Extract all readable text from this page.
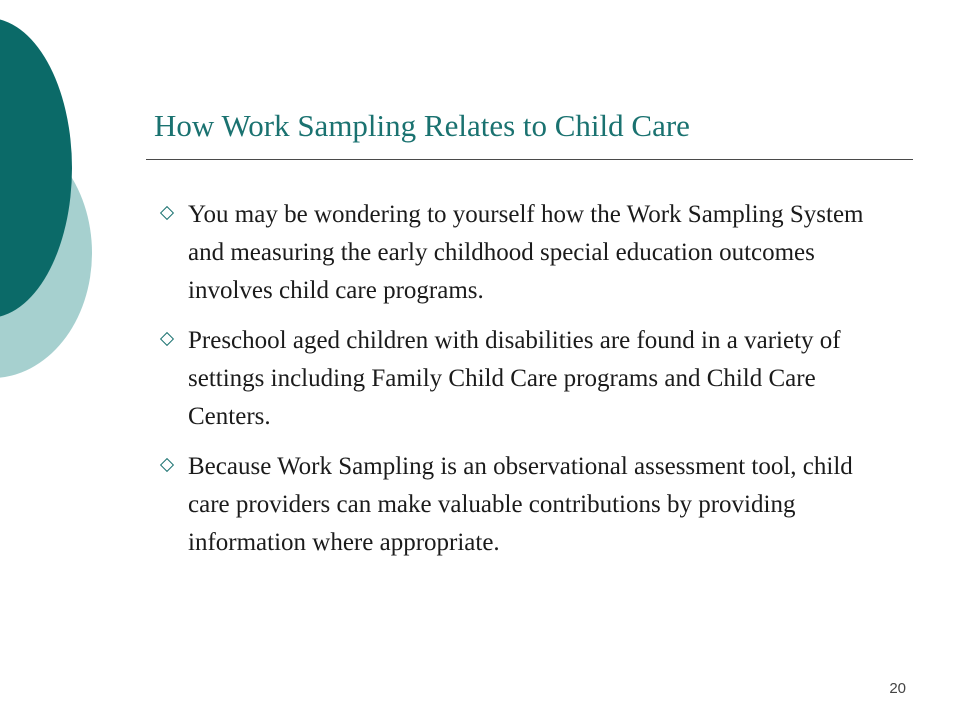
How Work Sampling Relates to Child Care
You may be wondering to yourself how the Work Sampling System and measuring the early childhood special education outcomes involves child care programs.
Preschool aged children with disabilities are found in a variety of settings including Family Child Care programs and Child Care Centers.
Because Work Sampling is an observational assessment tool, child care providers can make valuable contributions by providing information where appropriate.
20
